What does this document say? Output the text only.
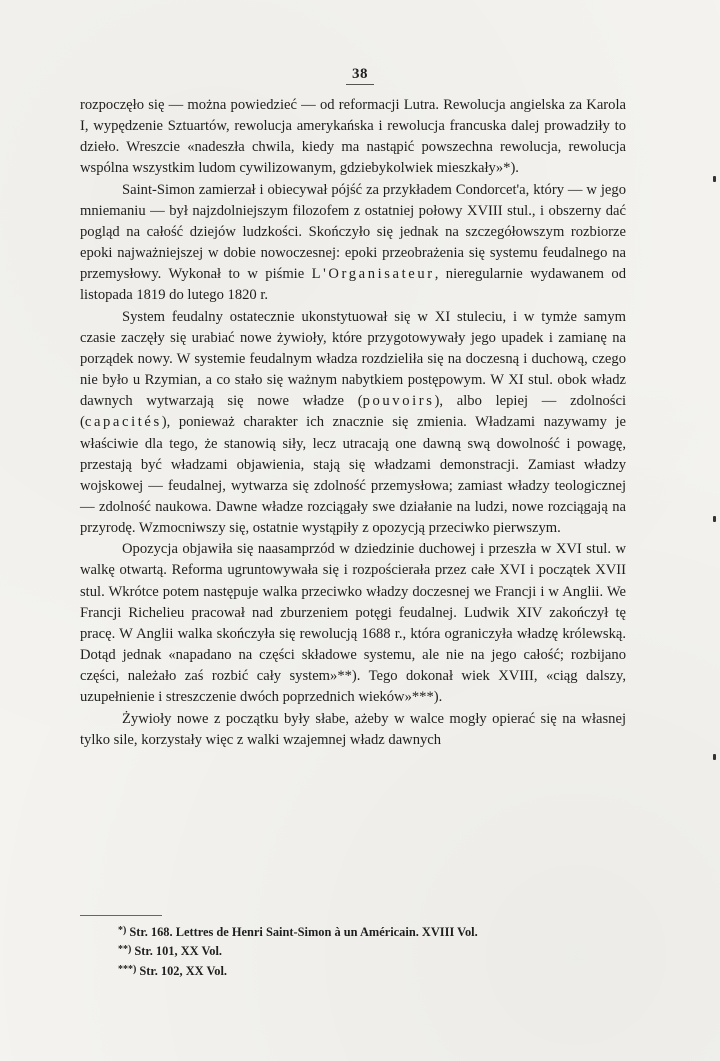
38

rozpoczęło się — można powiedzieć — od reformacji Lutra. Rewolucja angielska za Karola I, wypędzenie Sztuartów, rewolucja amerykańska i rewolucja francuska dalej prowadziły to dzieło. Wreszcie «nadeszła chwila, kiedy ma nastąpić powszechna rewolucja, rewolucja wspólna wszystkim ludom cywilizowanym, gdziebykolwiek mieszkały»*).

Saint-Simon zamierzał i obiecywał pójść za przykładem Condorcet'a, który — w jego mniemaniu — był najzdolniejszym filozofem z ostatniej połowy XVIII stul., i obszerny dać pogląd na całość dziejów ludzkości. Skończyło się jednak na szczegółowszym rozbiorze epoki najważniejszej w dobie nowoczesnej: epoki przeobrażenia się systemu feudalnego na przemysłowy. Wykonał to w piśmie L'Organisateur, nieregularnie wydawanem od listopada 1819 do lutego 1820 r.

System feudalny ostatecznie ukonstytuował się w XI stuleciu, i w tymże samym czasie zaczęły się urabiać nowe żywioły, które przygotowywały jego upadek i zamianę na porządek nowy. W systemie feudalnym władza rozdzieliła się na doczesną i duchową, czego nie było u Rzymian, a co stało się ważnym nabytkiem postępowym. W XI stul. obok władz dawnych wytwarzają się nowe władze (pouvoirs), albo lepiej — zdolności (capacités), ponieważ charakter ich znacznie się zmienia. Władzami nazywamy je właściwie dla tego, że stanowią siły, lecz utracają one dawną swą dowolność i powagę, przestają być władzami objawienia, stają się władzami demonstracji. Zamiast władzy wojskowej — feudalnej, wytwarza się zdolność przemysłowa; zamiast władzy teologicznej — zdolność naukowa. Dawne władze rozciągały swe działanie na ludzi, nowe rozciągają na przyrodę. Wzmocniwszy się, ostatnie wystąpiły z opozycją przeciwko pierwszym.

Opozycja objawiła się naasamprzód w dziedzinie duchowej i przeszła w XVI stul. w walkę otwartą. Reforma ugruntowywała się i rozpościerała przez całe XVI i początek XVII stul. Wkrótce potem następuje walka przeciwko władzy doczesnej we Francji i w Anglii. We Francji Richelieu pracował nad zburzeniem potęgi feudalnej. Ludwik XIV zakończył tę pracę. W Anglii walka skończyła się rewolucją 1688 r., która ograniczyła władzę królewską. Dotąd jednak «napadano na części składowe systemu, ale nie na jego całość; rozbijano części, należało zaś rozbić cały system»**). Tego dokonał wiek XVIII, «ciąg dalszy, uzupełnienie i streszczenie dwóch poprzednich wieków»***).

Żywioły nowe z początku były słabe, ażeby w walce mogły opierać się na własnej tylko sile, korzystały więc z walki wzajemnej władz dawnych

*) Str. 168. Lettres de Henri Saint-Simon à un Américain. XVIII Vol.
**) Str. 101, XX Vol.
***) Str. 102, XX Vol.
